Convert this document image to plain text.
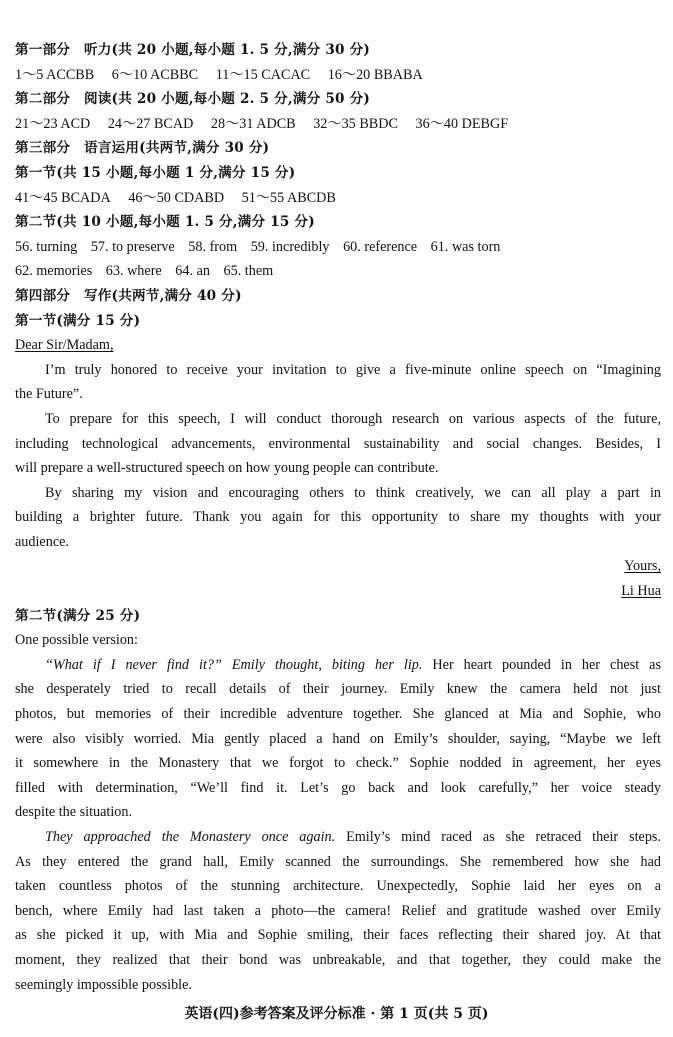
第一部分　听力(共 20 小题,每小题 1. 5 分,满分 30 分)
1～5 ACCBB 6～10 ACBBC 11～15 CACAC 16～20 BBABA
第二部分　阅读(共 20 小题,每小题 2. 5 分,满分 50 分)
21～23 ACD 24～27 BCAD 28～31 ADCB 32～35 BBDC 36～40 DEBGF
第三部分　语言运用(共两节,满分 30 分)
第一节(共 15 小题,每小题 1 分,满分 15 分)
41～45 BCADA 46～50 CDABD 51～55 ABCDB
第二节(共 10 小题,每小题 1. 5 分,满分 15 分)
56. turning 57. to preserve 58. from 59. incredibly 60. reference 61. was torn
62. memories 63. where 64. an 65. them
第四部分　写作(共两节,满分 40 分)
第一节(满分 15 分)
Dear Sir/Madam,
I’m truly honored to receive your invitation to give a five-minute online speech on “Imagining
the Future”.
To prepare for this speech, I will conduct thorough research on various aspects of the future,
including technological advancements, environmental sustainability and social changes. Besides, I
will prepare a well-structured speech on how young people can contribute.
By sharing my vision and encouraging others to think creatively, we can all play a part in
building a brighter future. Thank you again for this opportunity to share my thoughts with your
audience.
Yours,
Li Hua
第二节(满分 25 分)
One possible version:
“What if I never find it?” Emily thought, biting her lip. Her heart pounded in her chest as
she desperately tried to recall details of their journey. Emily knew the camera held not just
photos, but memories of their incredible adventure together. She glanced at Mia and Sophie, who
were also visibly worried. Mia gently placed a hand on Emily’s shoulder, saying, “Maybe we left
it somewhere in the Monastery that we forgot to check.” Sophie nodded in agreement, her eyes
filled with determination, “We’ll find it. Let’s go back and look carefully,” her voice steady
despite the situation.
They approached the Monastery once again. Emily’s mind raced as she retraced their steps.
As they entered the grand hall, Emily scanned the surroundings. She remembered how she had
taken countless photos of the stunning architecture. Unexpectedly, Sophie laid her eyes on a
bench, where Emily had last taken a photo—the camera! Relief and gratitude washed over Emily
as she picked it up, with Mia and Sophie smiling, their faces reflecting their shared joy. At that
moment, they realized that their bond was unbreakable, and that together, they could make the
seemingly impossible possible.
英语(四)参考答案及评分标准 · 第 1 页(共 5 页)
